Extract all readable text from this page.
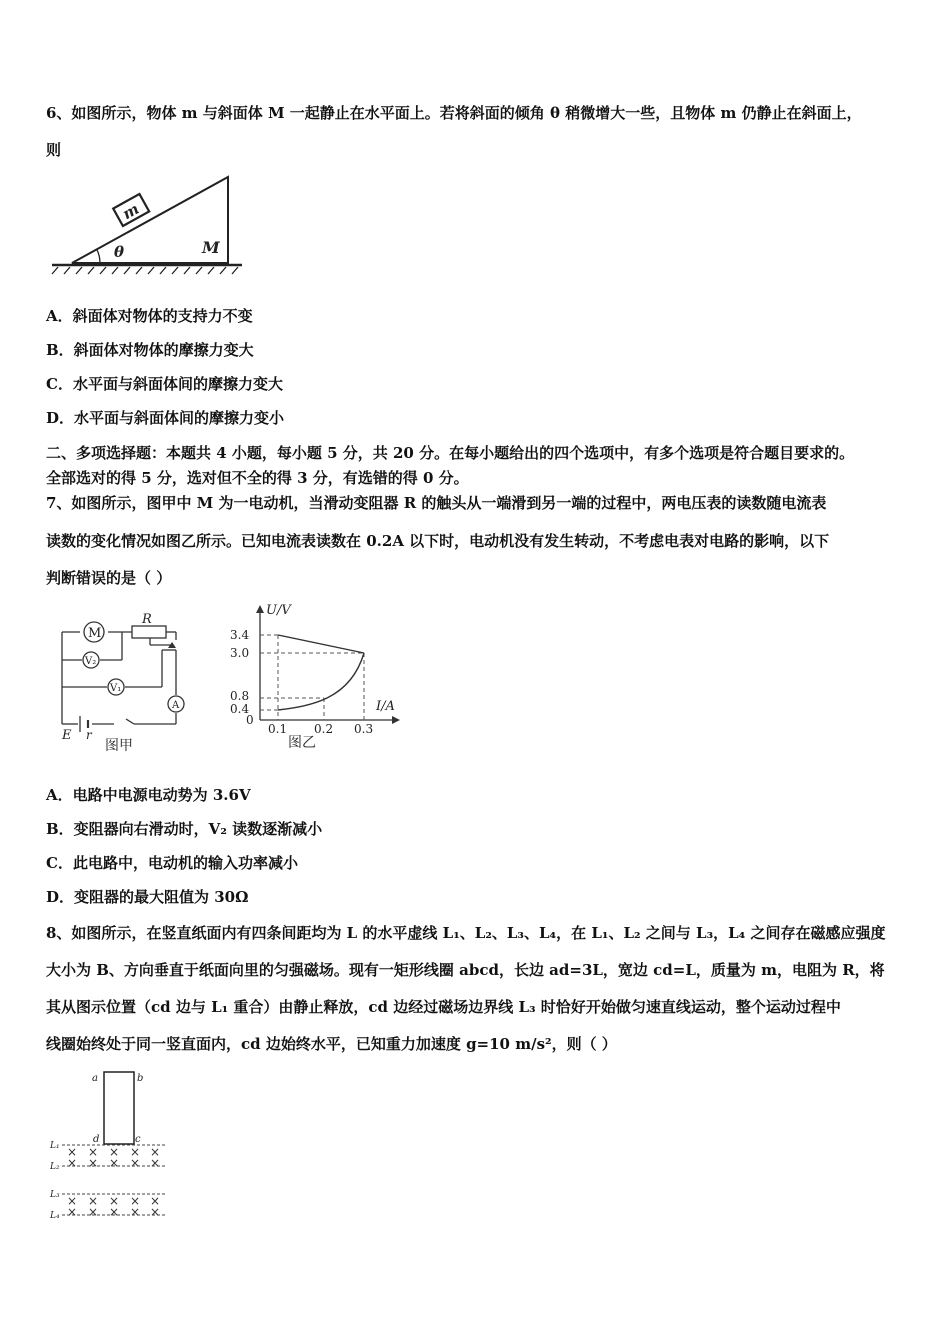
6、如图所示，物体 m 与斜面体 M 一起静止在水平面上。若将斜面的倾角 θ 稍微增大一些，且物体 m 仍静止在斜面上，
则
m
θ	M
A．斜面体对物体的支持力不变
B．斜面体对物体的摩擦力变大
C．水平面与斜面体间的摩擦力变大
D．水平面与斜面体间的摩擦力变小
二、多项选择题：本题共 4 小题，每小题 5 分，共 20 分。在每小题给出的四个选项中，有多个选项是符合题目要求的。
全部选对的得 5 分，选对但不全的得 3 分，有选错的得 0 分。
7、如图所示，图甲中 M 为一电动机，当滑动变阻器 R 的触头从一端滑到另一端的过程中，两电压表的读数随电流表
读数的变化情况如图乙所示。已知电流表读数在 0.2A 以下时，电动机没有发生转动，不考虑电表对电路的影响，以下
判断错误的是（ ）
M
R
V₂
V₁
A
E r
图甲
U/V
I/A
3.4
3.0
0.8
0.4
0
0.1 0.2 0.3
图乙
A．电路中电源电动势为 3.6V
B．变阻器向右滑动时，V₂ 读数逐渐减小
C．此电路中，电动机的输入功率减小
D．变阻器的最大阻值为 30Ω
8、如图所示，在竖直纸面内有四条间距均为 L 的水平虚线 L₁、L₂、L₃、L₄，在 L₁、L₂ 之间与 L₃，L₄ 之间存在磁感应强度
大小为 B、方向垂直于纸面向里的匀强磁场。现有一矩形线圈 abcd，长边 ad=3L，宽边 cd=L，质量为 m，电阻为 R，将
其从图示位置（cd 边与 L₁ 重合）由静止释放，cd 边经过磁场边界线 L₃ 时恰好开始做匀速直线运动，整个运动过程中
线圈始终处于同一竖直面内，cd 边始终水平，已知重力加速度 g=10 m/s²，则（ ）
a	b
d	c
L₁
L₂
L₃
L₄
× × × × ×
× × × × ×
× × × × ×
× × × × ×
